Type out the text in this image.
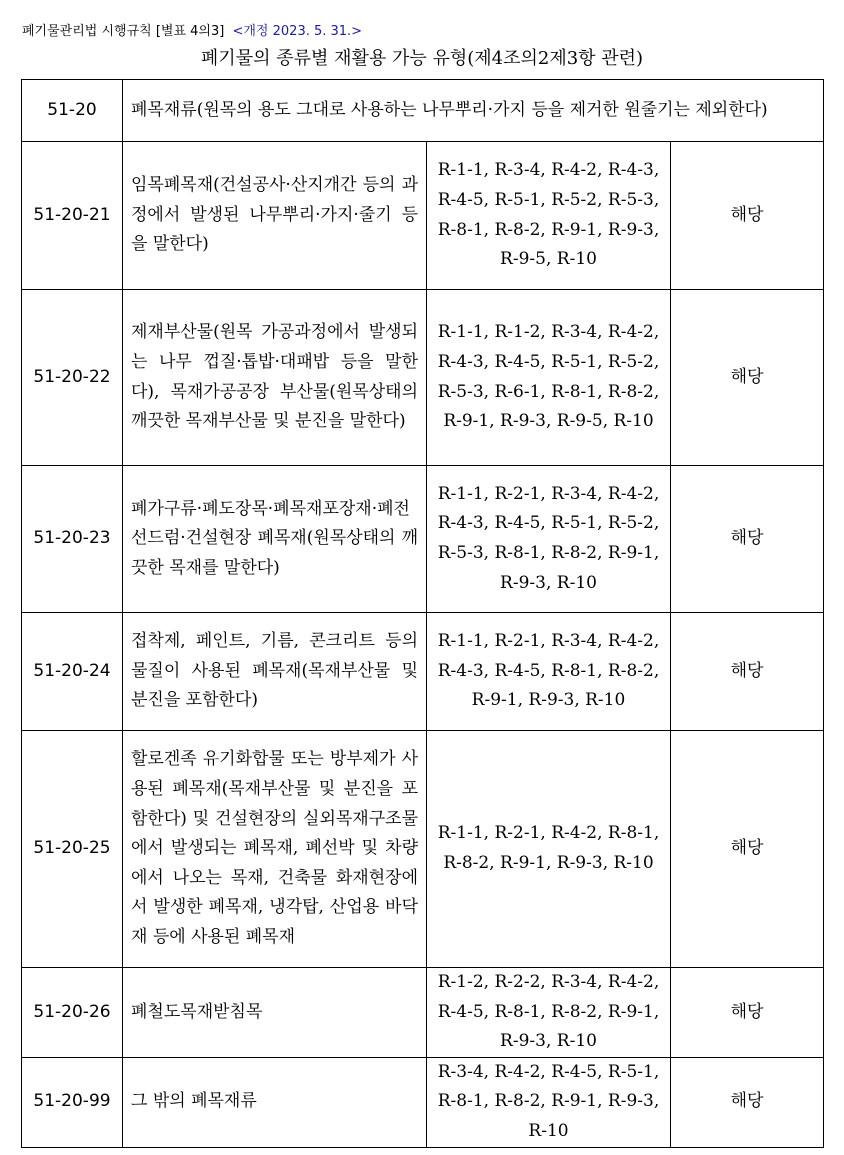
폐기물관리법 시행규칙 [별표 4의3] <개정 2023. 5. 31.>
폐기물의 종류별 재활용 가능 유형(제4조의2제3항 관련)
51-20	폐목재류(원목의 용도 그대로 사용하는 나무뿌리·가지 등을 제거한 원줄기는 제외한다)		
51-20-21	임목폐목재(건설공사·산지개간 등의 과정에서 발생된 나무뿌리·가지·줄기 등을 말한다)	R-1-1, R-3-4, R-4-2, R-4-3, R-4-5, R-5-1, R-5-2, R-5-3, R-8-1, R-8-2, R-9-1, R-9-3, R-9-5, R-10	해당
51-20-22	제재부산물(원목 가공과정에서 발생되는 나무 껍질·톱밥·대패밥 등을 말한다), 목재가공공장 부산물(원목상태의 깨끗한 목재부산물 및 분진을 말한다)	R-1-1, R-1-2, R-3-4, R-4-2, R-4-3, R-4-5, R-5-1, R-5-2, R-5-3, R-6-1, R-8-1, R-8-2, R-9-1, R-9-3, R-9-5, R-10	해당
51-20-23	폐가구류·폐도장목·폐목재포장재·폐전선드럼·건설현장 폐목재(원목상태의 깨끗한 목재를 말한다)	R-1-1, R-2-1, R-3-4, R-4-2, R-4-3, R-4-5, R-5-1, R-5-2, R-5-3, R-8-1, R-8-2, R-9-1, R-9-3, R-10	해당
51-20-24	접착제, 페인트, 기름, 콘크리트 등의 물질이 사용된 폐목재(목재부산물 및 분진을 포함한다)	R-1-1, R-2-1, R-3-4, R-4-2, R-4-3, R-4-5, R-8-1, R-8-2, R-9-1, R-9-3, R-10	해당
51-20-25	할로겐족 유기화합물 또는 방부제가 사용된 폐목재(목재부산물 및 분진을 포함한다) 및 건설현장의 실외목재구조물에서 발생되는 폐목재, 폐선박 및 차량에서 나오는 목재, 건축물 화재현장에서 발생한 폐목재, 냉각탑, 산업용 바닥재 등에 사용된 폐목재	R-1-1, R-2-1, R-4-2, R-8-1, R-8-2, R-9-1, R-9-3, R-10	해당
51-20-26	폐철도목재받침목	R-1-2, R-2-2, R-3-4, R-4-2, R-4-5, R-8-1, R-8-2, R-9-1, R-9-3, R-10	해당
51-20-99	그 밖의 폐목재류	R-3-4, R-4-2, R-4-5, R-5-1, R-8-1, R-8-2, R-9-1, R-9-3, R-10	해당
